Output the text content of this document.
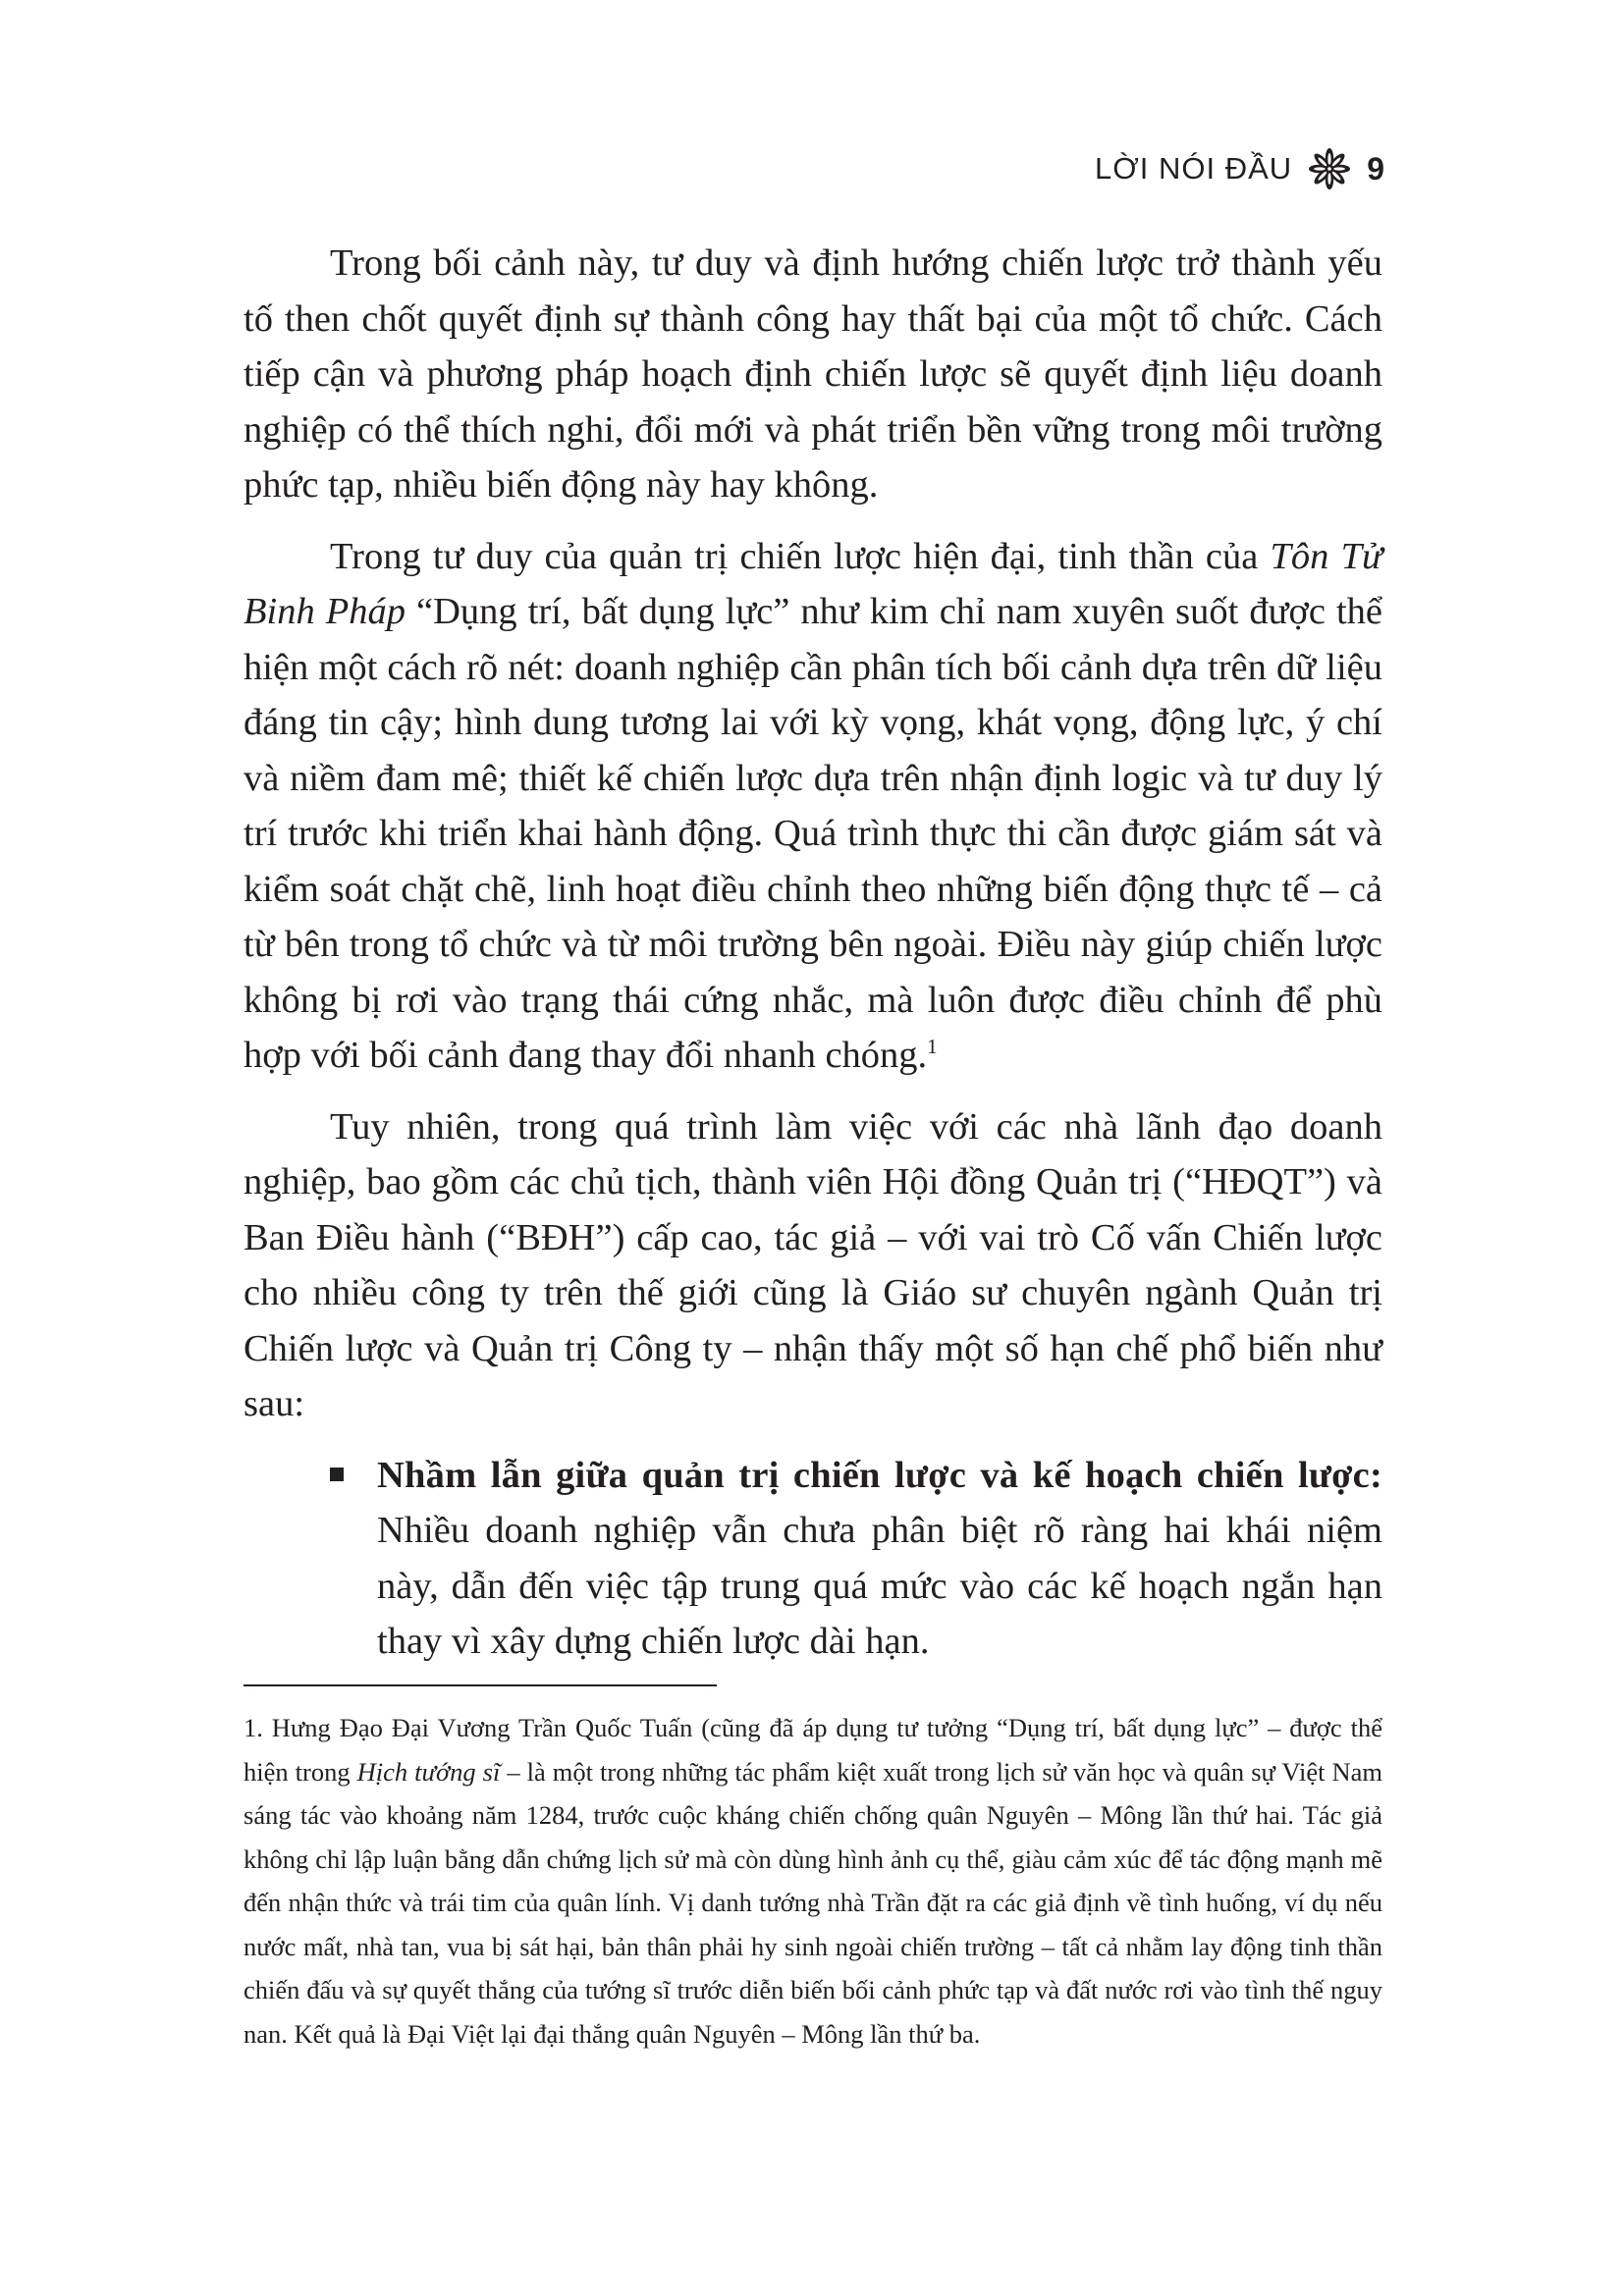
LỜI NÓI ĐẦU 9

Trong bối cảnh này, tư duy và định hướng chiến lược trở thành yếu tố then chốt quyết định sự thành công hay thất bại của một tổ chức. Cách tiếp cận và phương pháp hoạch định chiến lược sẽ quyết định liệu doanh nghiệp có thể thích nghi, đổi mới và phát triển bền vững trong môi trường phức tạp, nhiều biến động này hay không.

Trong tư duy của quản trị chiến lược hiện đại, tinh thần của Tôn Tử Binh Pháp “Dụng trí, bất dụng lực” như kim chỉ nam xuyên suốt được thể hiện một cách rõ nét: doanh nghiệp cần phân tích bối cảnh dựa trên dữ liệu đáng tin cậy; hình dung tương lai với kỳ vọng, khát vọng, động lực, ý chí và niềm đam mê; thiết kế chiến lược dựa trên nhận định logic và tư duy lý trí trước khi triển khai hành động. Quá trình thực thi cần được giám sát và kiểm soát chặt chẽ, linh hoạt điều chỉnh theo những biến động thực tế – cả từ bên trong tổ chức và từ môi trường bên ngoài. Điều này giúp chiến lược không bị rơi vào trạng thái cứng nhắc, mà luôn được điều chỉnh để phù hợp với bối cảnh đang thay đổi nhanh chóng.$^1$

Tuy nhiên, trong quá trình làm việc với các nhà lãnh đạo doanh nghiệp, bao gồm các chủ tịch, thành viên Hội đồng Quản trị (“HĐQT”) và Ban Điều hành (“BĐH”) cấp cao, tác giả – với vai trò Cố vấn Chiến lược cho nhiều công ty trên thế giới cũng là Giáo sư chuyên ngành Quản trị Chiến lược và Quản trị Công ty – nhận thấy một số hạn chế phổ biến như sau:

Nhầm lẫn giữa quản trị chiến lược và kế hoạch chiến lược: Nhiều doanh nghiệp vẫn chưa phân biệt rõ ràng hai khái niệm này, dẫn đến việc tập trung quá mức vào các kế hoạch ngắn hạn thay vì xây dựng chiến lược dài hạn.

1. Hưng Đạo Đại Vương Trần Quốc Tuấn (cũng đã áp dụng tư tưởng “Dụng trí, bất dụng lực” – được thể hiện trong Hịch tướng sĩ – là một trong những tác phẩm kiệt xuất trong lịch sử văn học và quân sự Việt Nam sáng tác vào khoảng năm 1284, trước cuộc kháng chiến chống quân Nguyên – Mông lần thứ hai. Tác giả không chỉ lập luận bằng dẫn chứng lịch sử mà còn dùng hình ảnh cụ thể, giàu cảm xúc để tác động mạnh mẽ đến nhận thức và trái tim của quân lính. Vị danh tướng nhà Trần đặt ra các giả định về tình huống, ví dụ nếu nước mất, nhà tan, vua bị sát hại, bản thân phải hy sinh ngoài chiến trường – tất cả nhằm lay động tinh thần chiến đấu và sự quyết thắng của tướng sĩ trước diễn biến bối cảnh phức tạp và đất nước rơi vào tình thế nguy nan. Kết quả là Đại Việt lại đại thắng quân Nguyên – Mông lần thứ ba.
